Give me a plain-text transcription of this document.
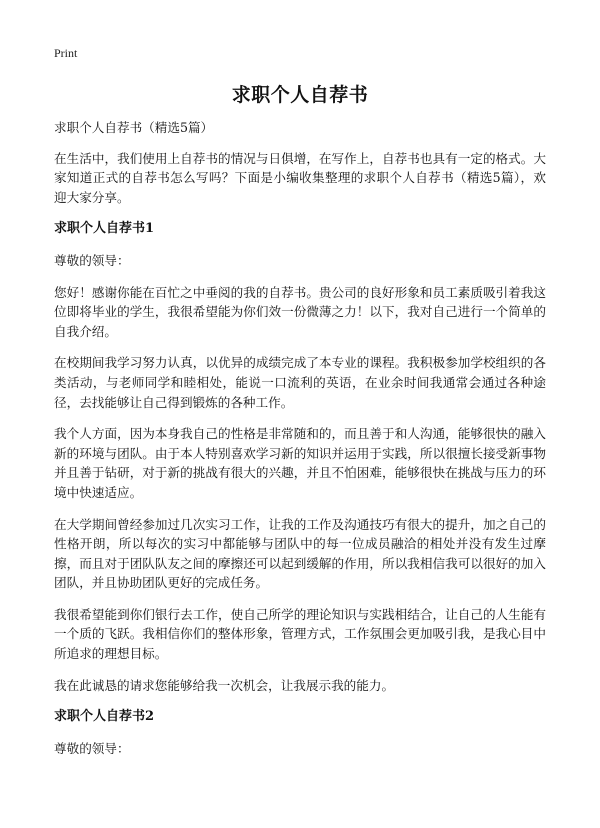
Print
求职个人自荐书

求职个人自荐书（精选5篇）

在生活中，我们使用上自荐书的情况与日俱增，在写作上，自荐书也具有一定的格式。大家知道正式的自荐书怎么写吗？下面是小编收集整理的求职个人自荐书（精选5篇），欢迎大家分享。

求职个人自荐书1

尊敬的领导：

您好！感谢你能在百忙之中垂阅的我的自荐书。贵公司的良好形象和员工素质吸引着我这位即将毕业的学生，我很希望能为你们效一份微薄之力！以下，我对自己进行一个简单的自我介绍。

在校期间我学习努力认真，以优异的成绩完成了本专业的课程。我积极参加学校组织的各类活动，与老师同学和睦相处，能说一口流利的英语，在业余时间我通常会通过各种途径，去找能够让自己得到锻炼的各种工作。

我个人方面，因为本身我自己的性格是非常随和的，而且善于和人沟通，能够很快的融入新的环境与团队。由于本人特别喜欢学习新的知识并运用于实践，所以很擅长接受新事物并且善于钻研，对于新的挑战有很大的兴趣，并且不怕困难，能够很快在挑战与压力的环境中快速适应。

在大学期间曾经参加过几次实习工作，让我的工作及沟通技巧有很大的提升，加之自己的性格开朗，所以每次的实习中都能够与团队中的每一位成员融洽的相处并没有发生过摩擦，而且对于团队队友之间的摩擦还可以起到缓解的作用，所以我相信我可以很好的加入团队，并且协助团队更好的完成任务。

我很希望能到你们银行去工作，使自己所学的理论知识与实践相结合，让自己的人生能有一个质的飞跃。我相信你们的整体形象，管理方式，工作氛围会更加吸引我，是我心目中所追求的理想目标。

我在此诚恳的请求您能够给我一次机会，让我展示我的能力。

求职个人自荐书2

尊敬的领导：
